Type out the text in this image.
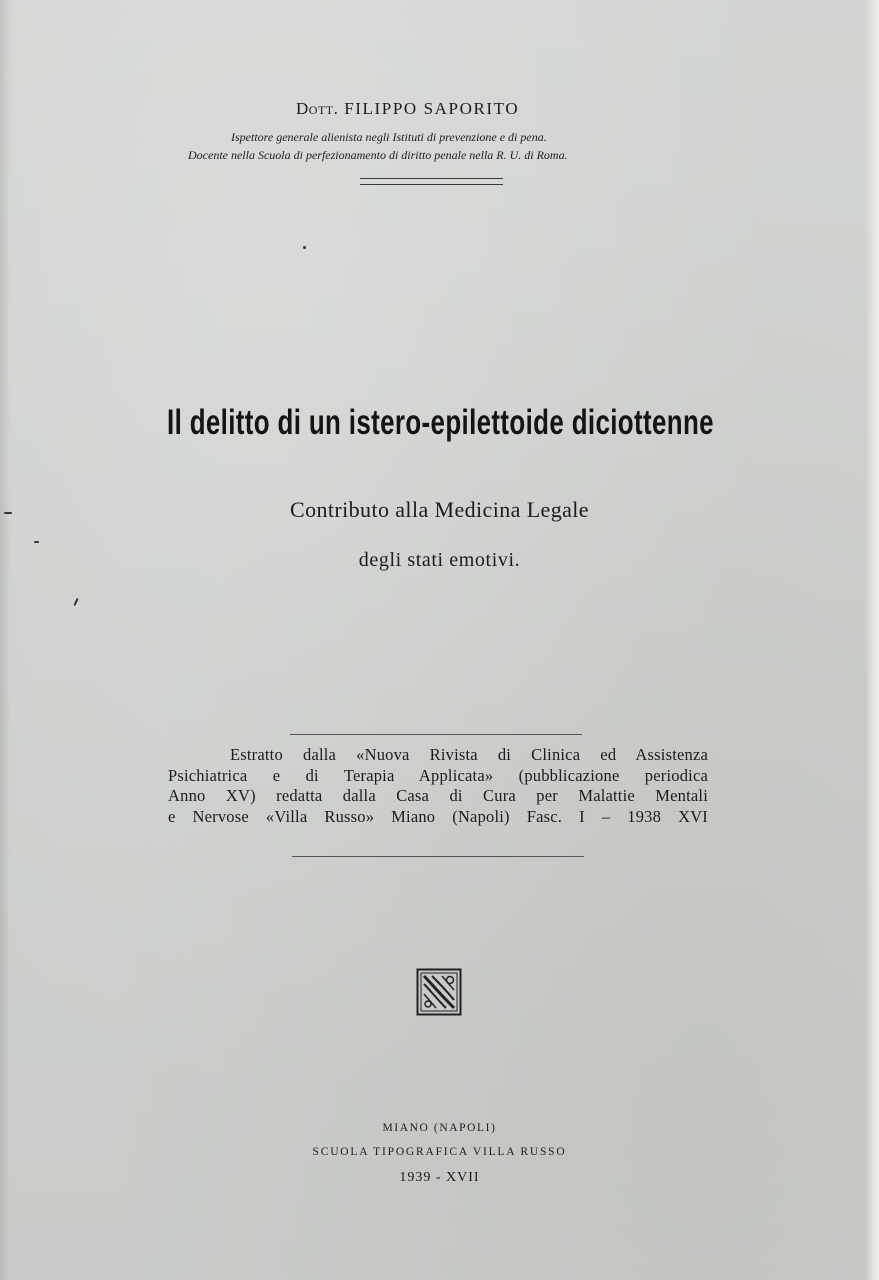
Dott. FILIPPO SAPORITO
Ispettore generale alienista negli Istituti di prevenzione e di pena.
Docente nella Scuola di perfezionamento di diritto penale nella R. U. di Roma.
Il delitto di un istero-epilettoide diciottenne
Contributo alla Medicina Legale
degli stati emotivi.
Estratto dalla «Nuova Rivista di Clinica ed Assistenza
Psichiatrica e di Terapia Applicata» (pubblicazione periodica
Anno XV) redatta dalla Casa di Cura per Malattie Mentali
e Nervose «Villa Russo» Miano (Napoli) Fasc. I – 1938 XVI
MIANO (NAPOLI)
SCUOLA TIPOGRAFICA VILLA RUSSO
1939 - XVII
